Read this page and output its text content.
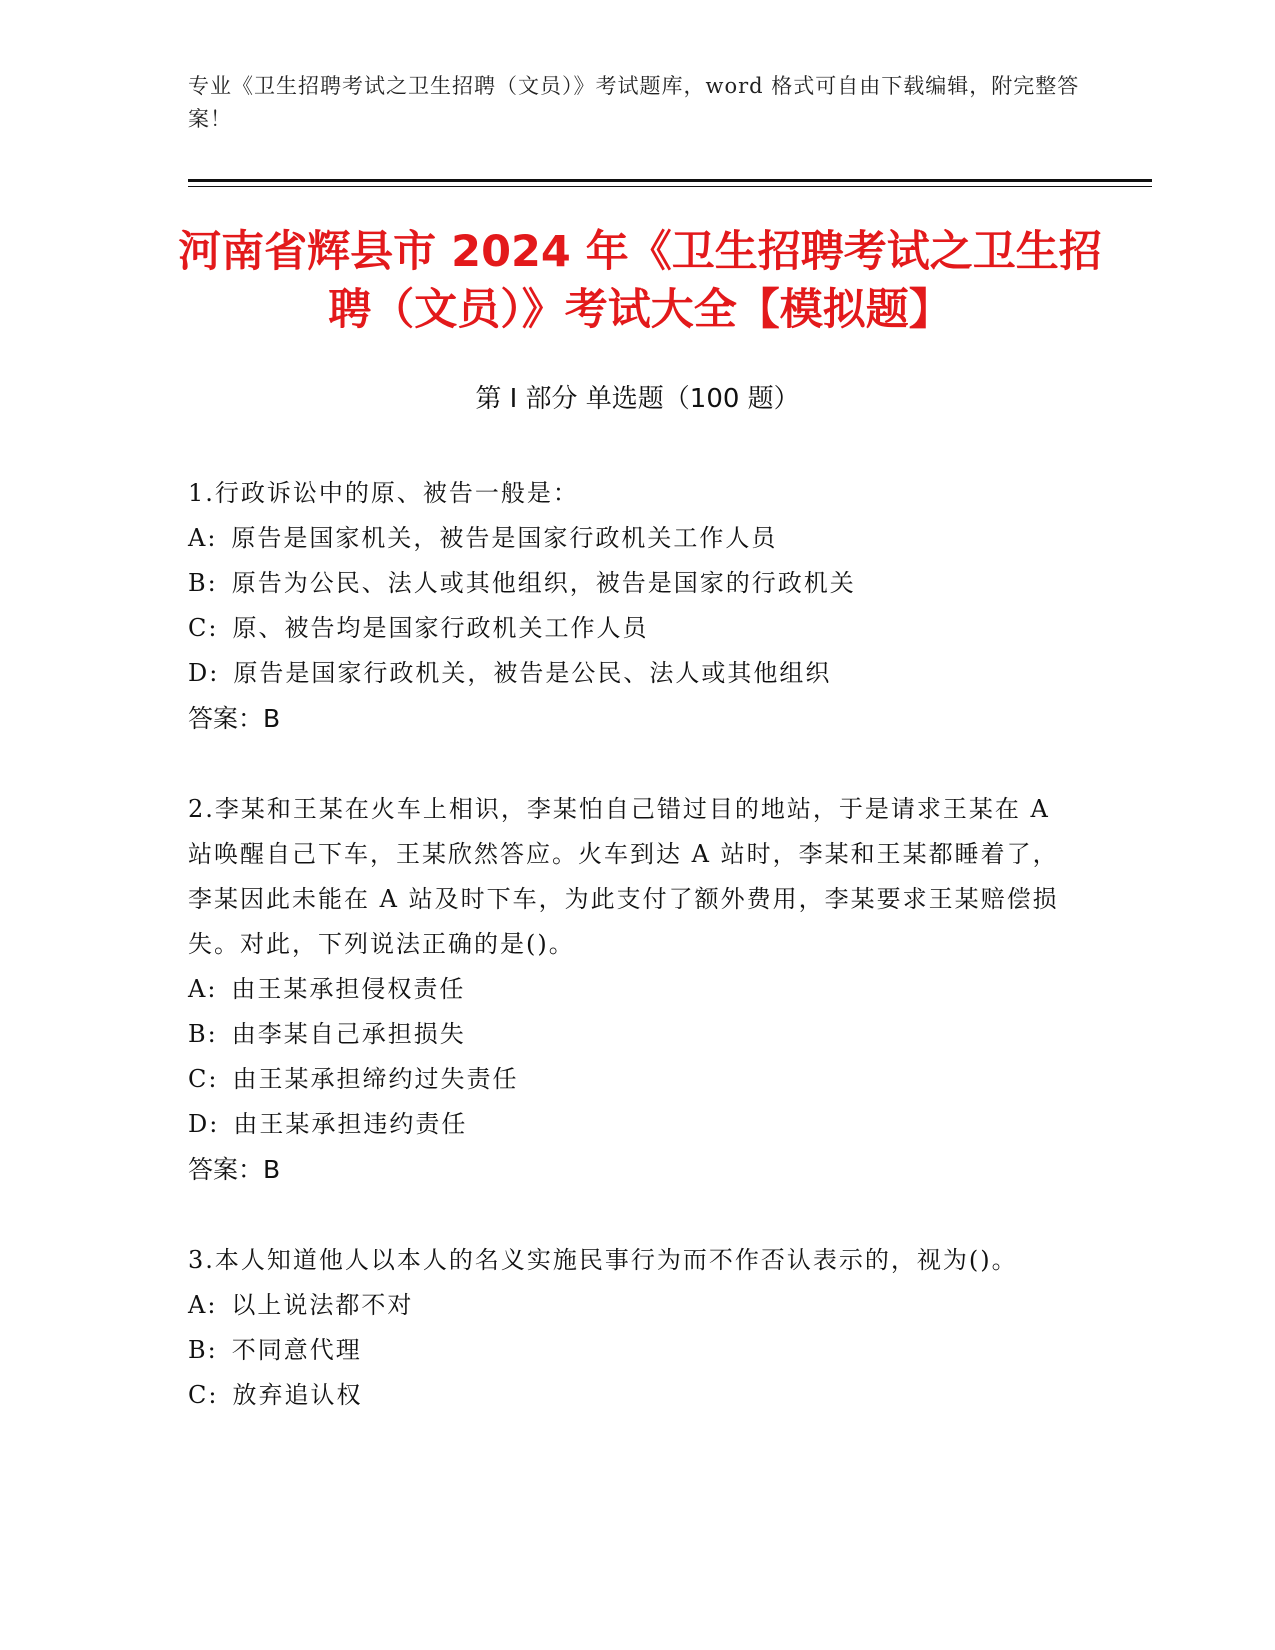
专业《卫生招聘考试之卫生招聘（文员）》考试题库，word 格式可自由下载编辑，附完整答案！
河南省辉县市 2024 年《卫生招聘考试之卫生招聘（文员）》考试大全【模拟题】
第 I 部分 单选题（100 题）
1.行政诉讼中的原、被告一般是：
A: 原告是国家机关，被告是国家行政机关工作人员
B: 原告为公民、法人或其他组织，被告是国家的行政机关
C: 原、被告均是国家行政机关工作人员
D: 原告是国家行政机关，被告是公民、法人或其他组织
答案：B
2.李某和王某在火车上相识，李某怕自己错过目的地站，于是请求王某在 A 站唤醒自己下车，王某欣然答应。火车到达 A 站时，李某和王某都睡着了，李某因此未能在 A 站及时下车，为此支付了额外费用，李某要求王某赔偿损失。对此，下列说法正确的是()。
A: 由王某承担侵权责任
B: 由李某自己承担损失
C: 由王某承担缔约过失责任
D: 由王某承担违约责任
答案：B
3.本人知道他人以本人的名义实施民事行为而不作否认表示的，视为()。
A: 以上说法都不对
B: 不同意代理
C: 放弃追认权
